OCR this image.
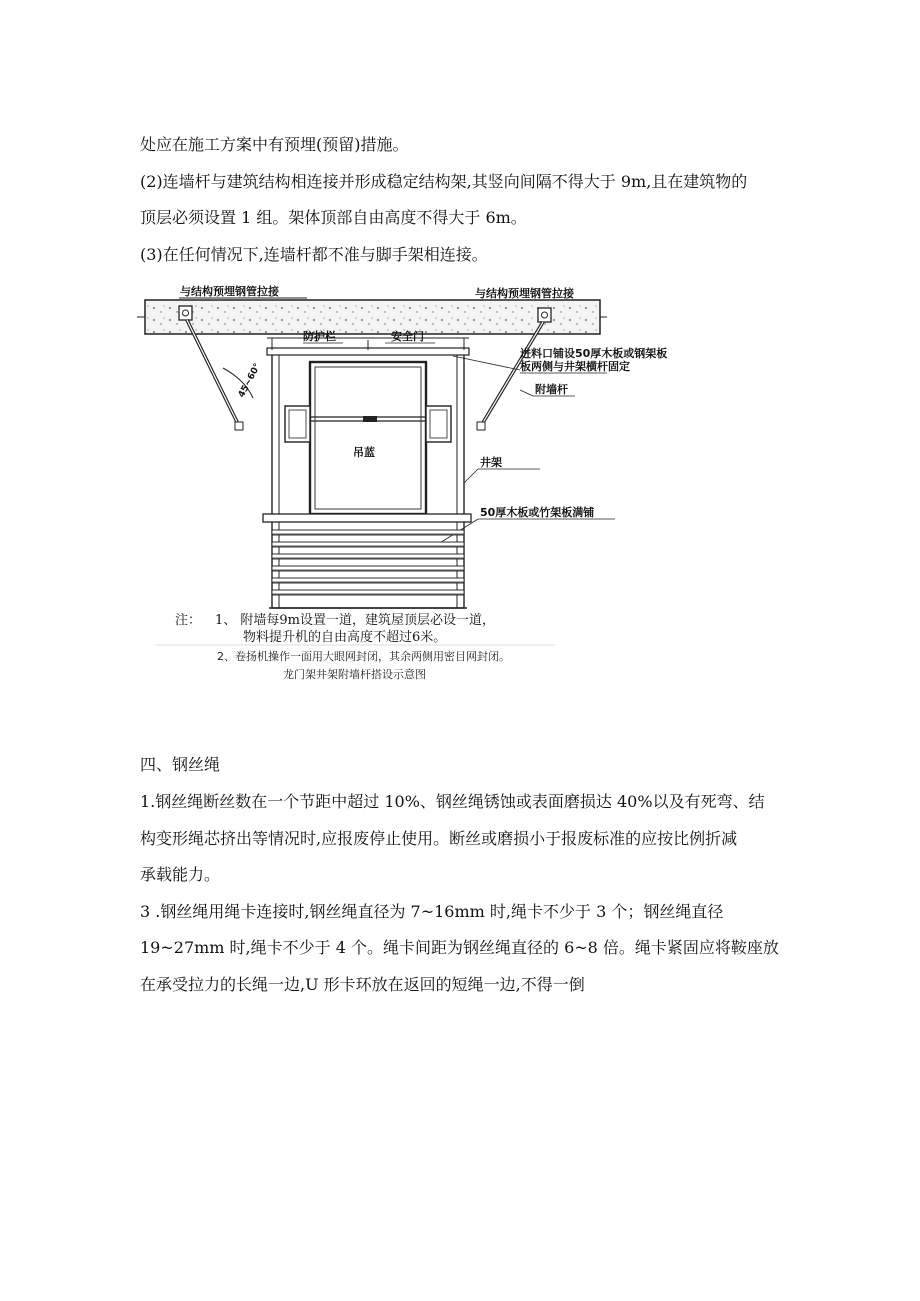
处应在施工方案中有预埋(预留)措施。

(2)连墙杆与建筑结构相连接并形成稳定结构架,其竖向间隔不得大于 9m,且在建筑物的

顶层必须设置 1 组。架体顶部自由高度不得大于 6m。

(3)在任何情况下,连墙杆都不准与脚手架相连接。

与结构预埋钢管拉接	与结构预埋钢管拉接
45~60°
防护栏	安全门
吊蓝
进料口铺设50厚木板或钢架板
板两侧与井架横杆固定
附墙杆
井架
50厚木板或竹架板满铺
注： 1、 附墙每9m设置一道，建筑屋顶层必设一道，
物料提升机的自由高度不超过6米。
2、卷扬机操作一面用大眼网封闭，其余两侧用密目网封闭。
龙门架井架附墙杆搭设示意图

四、钢丝绳

1.钢丝绳断丝数在一个节距中超过 10%、钢丝绳锈蚀或表面磨损达 40%以及有死弯、结

构变形绳芯挤出等情况时,应报废停止使用。断丝或磨损小于报废标准的应按比例折减

承载能力。

3 .钢丝绳用绳卡连接时,钢丝绳直径为 7~16mm 时,绳卡不少于 3 个；钢丝绳直径

19~27mm 时,绳卡不少于 4 个。绳卡间距为钢丝绳直径的 6~8 倍。绳卡紧固应将鞍座放

在承受拉力的长绳一边,U 形卡环放在返回的短绳一边,不得一倒
